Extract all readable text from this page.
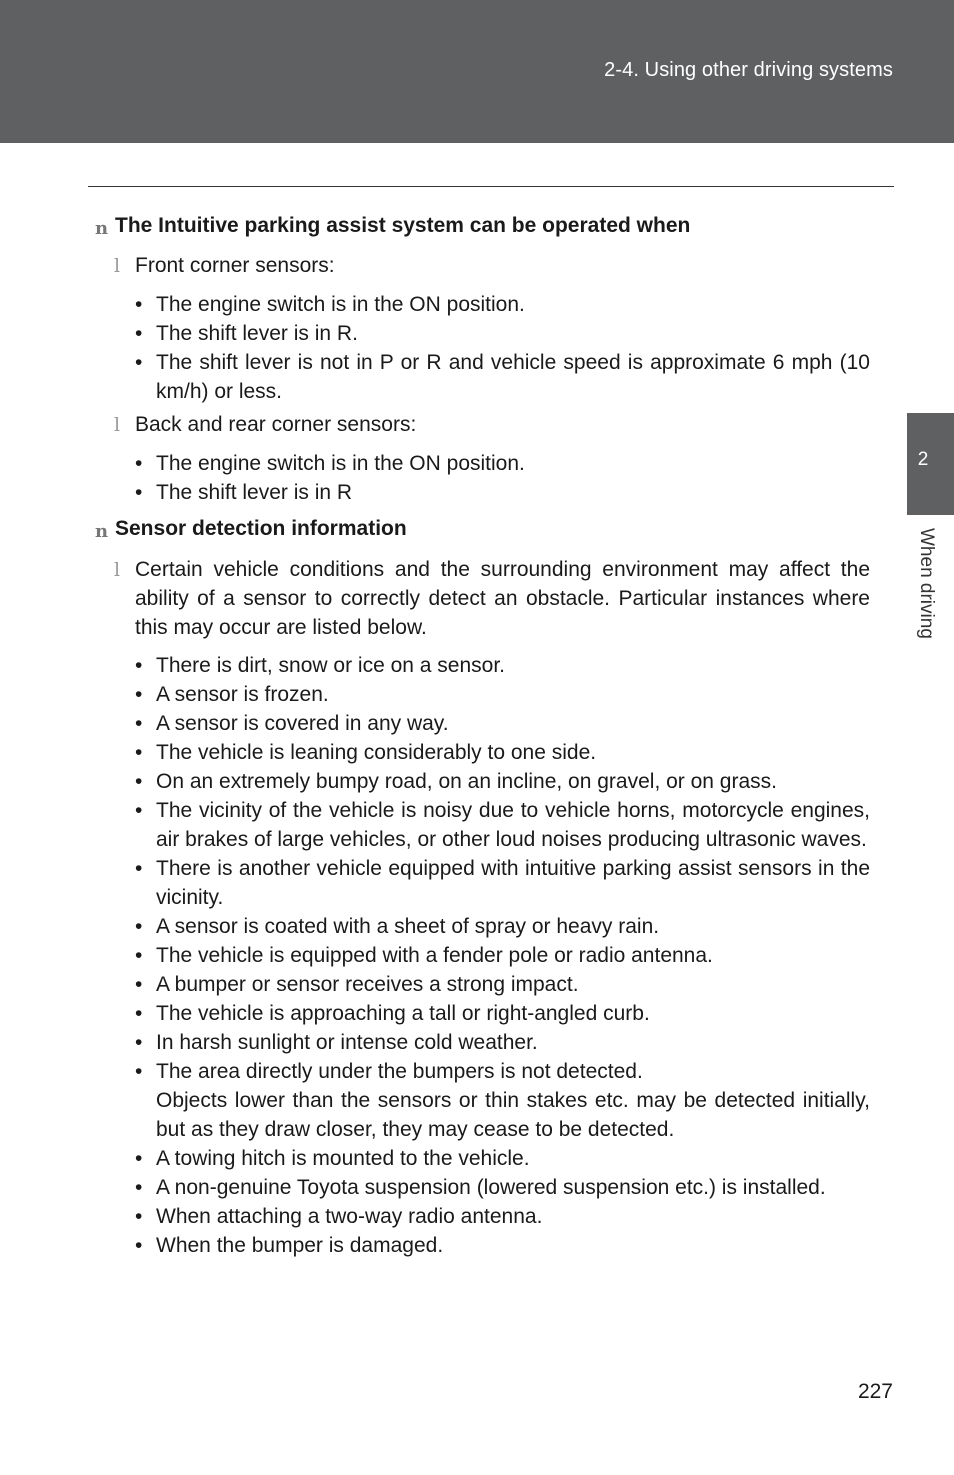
2-4. Using other driving systems
2
When driving
n The Intuitive parking assist system can be operated when
l Front corner sensors:
• The engine switch is in the ON position.
• The shift lever is in R.
• The shift lever is not in P or R and vehicle speed is approximate 6 mph (10 km/h) or less.
l Back and rear corner sensors:
• The engine switch is in the ON position.
• The shift lever is in R
n Sensor detection information
l Certain vehicle conditions and the surrounding environment may affect the ability of a sensor to correctly detect an obstacle. Particular instances where this may occur are listed below.
• There is dirt, snow or ice on a sensor.
• A sensor is frozen.
• A sensor is covered in any way.
• The vehicle is leaning considerably to one side.
• On an extremely bumpy road, on an incline, on gravel, or on grass.
• The vicinity of the vehicle is noisy due to vehicle horns, motorcycle engines, air brakes of large vehicles, or other loud noises producing ultrasonic waves.
• There is another vehicle equipped with intuitive parking assist sensors in the vicinity.
• A sensor is coated with a sheet of spray or heavy rain.
• The vehicle is equipped with a fender pole or radio antenna.
• A bumper or sensor receives a strong impact.
• The vehicle is approaching a tall or right-angled curb.
• In harsh sunlight or intense cold weather.
• The area directly under the bumpers is not detected.
Objects lower than the sensors or thin stakes etc. may be detected initially, but as they draw closer, they may cease to be detected.
• A towing hitch is mounted to the vehicle.
• A non-genuine Toyota suspension (lowered suspension etc.) is installed.
• When attaching a two-way radio antenna.
• When the bumper is damaged.
227
